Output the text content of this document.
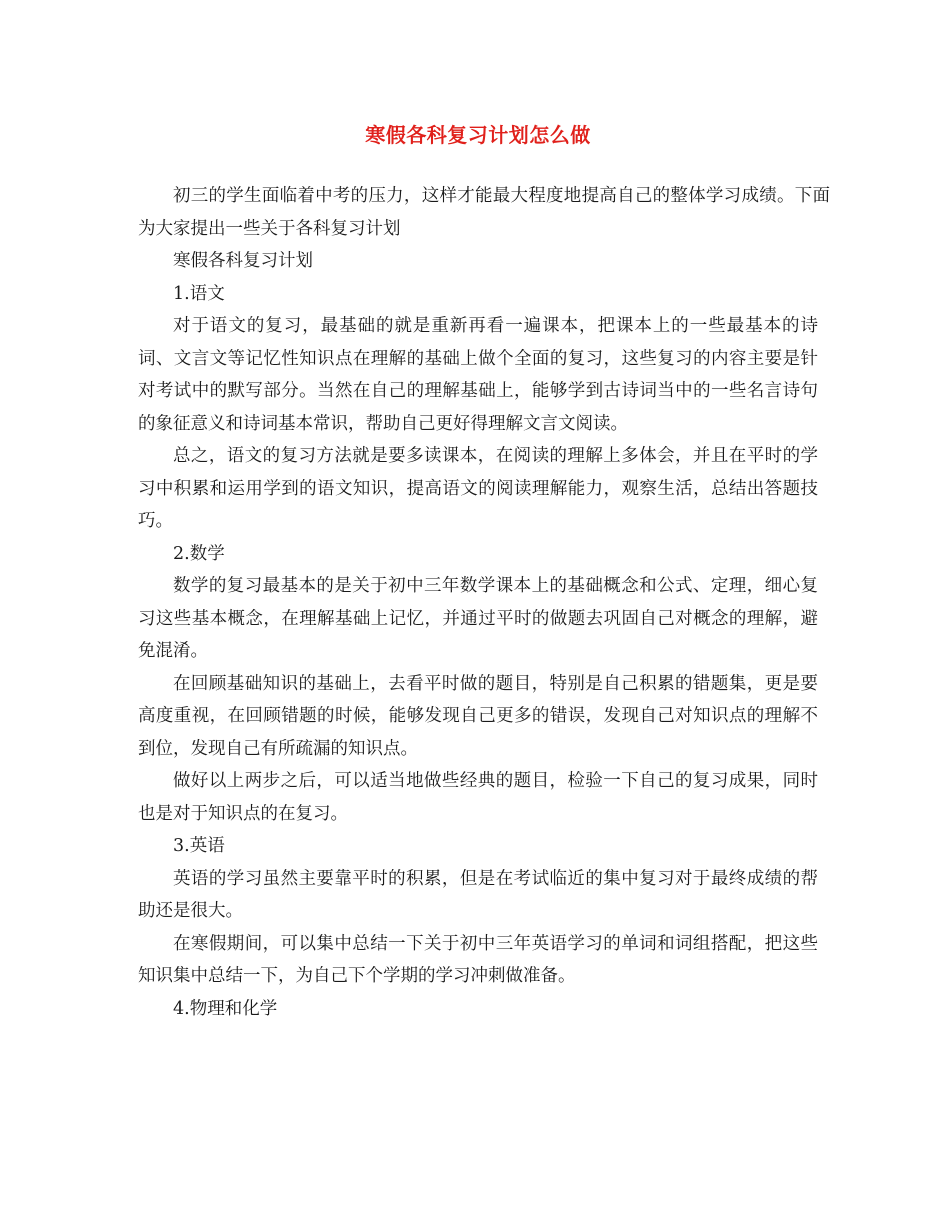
寒假各科复习计划怎么做

初三的学生面临着中考的压力，这样才能最大程度地提高自己的整体学习成绩。下面为大家提出一些关于各科复习计划

寒假各科复习计划

1.语文

对于语文的复习，最基础的就是重新再看一遍课本，把课本上的一些最基本的诗词、文言文等记忆性知识点在理解的基础上做个全面的复习，这些复习的内容主要是针对考试中的默写部分。当然在自己的理解基础上，能够学到古诗词当中的一些名言诗句的象征意义和诗词基本常识，帮助自己更好得理解文言文阅读。

总之，语文的复习方法就是要多读课本，在阅读的理解上多体会，并且在平时的学习中积累和运用学到的语文知识，提高语文的阅读理解能力，观察生活，总结出答题技巧。

2.数学

数学的复习最基本的是关于初中三年数学课本上的基础概念和公式、定理，细心复习这些基本概念，在理解基础上记忆，并通过平时的做题去巩固自己对概念的理解，避免混淆。

在回顾基础知识的基础上，去看平时做的题目，特别是自己积累的错题集，更是要高度重视，在回顾错题的时候，能够发现自己更多的错误，发现自己对知识点的理解不到位，发现自己有所疏漏的知识点。

做好以上两步之后，可以适当地做些经典的题目，检验一下自己的复习成果，同时也是对于知识点的在复习。

3.英语

英语的学习虽然主要靠平时的积累，但是在考试临近的集中复习对于最终成绩的帮助还是很大。

在寒假期间，可以集中总结一下关于初中三年英语学习的单词和词组搭配，把这些知识集中总结一下，为自己下个学期的学习冲刺做准备。

4.物理和化学
